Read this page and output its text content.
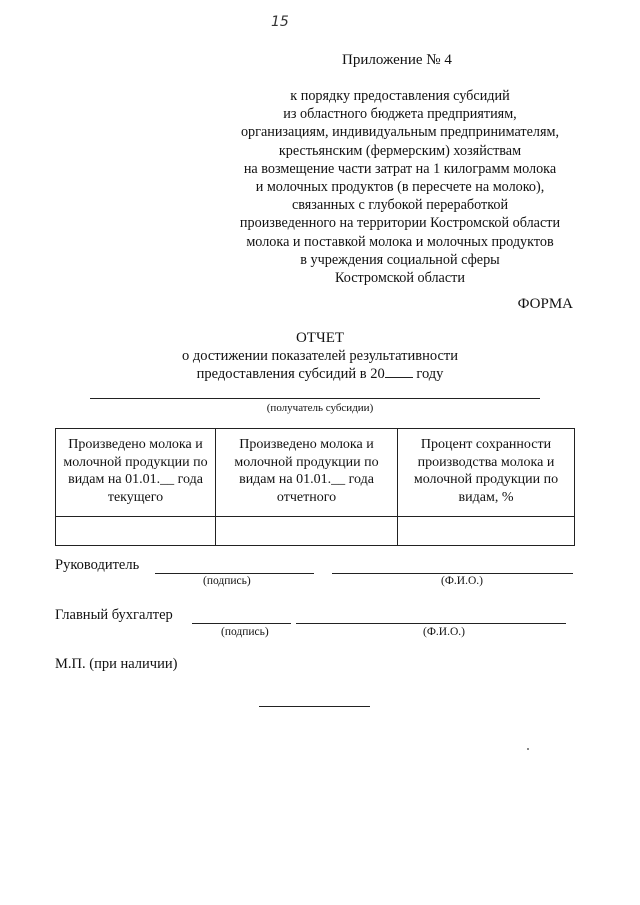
15
Приложение № 4
к порядку предоставления субсидий
из областного бюджета предприятиям,
организациям, индивидуальным предпринимателям,
крестьянским (фермерским) хозяйствам
на возмещение части затрат на 1 килограмм молока
и молочных продуктов (в пересчете на молоко),
связанных с глубокой переработкой
произведенного на территории Костромской области
молока и поставкой молока и молочных продуктов
в учреждения социальной сферы
Костромской области
ФОРМА
ОТЧЕТ
о достижении показателей результативности
предоставления субсидий в 20 году
(получатель субсидии)
Произведено молока и молочной продукции по видам на 01.01.__ года текущего	Произведено молока и молочной продукции по видам на 01.01.__ года отчетного	Процент сохранности производства молока и молочной продукции по видам, %

Руководитель
(подпись)	(Ф.И.О.)
Главный бухгалтер
(подпись)	(Ф.И.О.)
М.П. (при наличии)
